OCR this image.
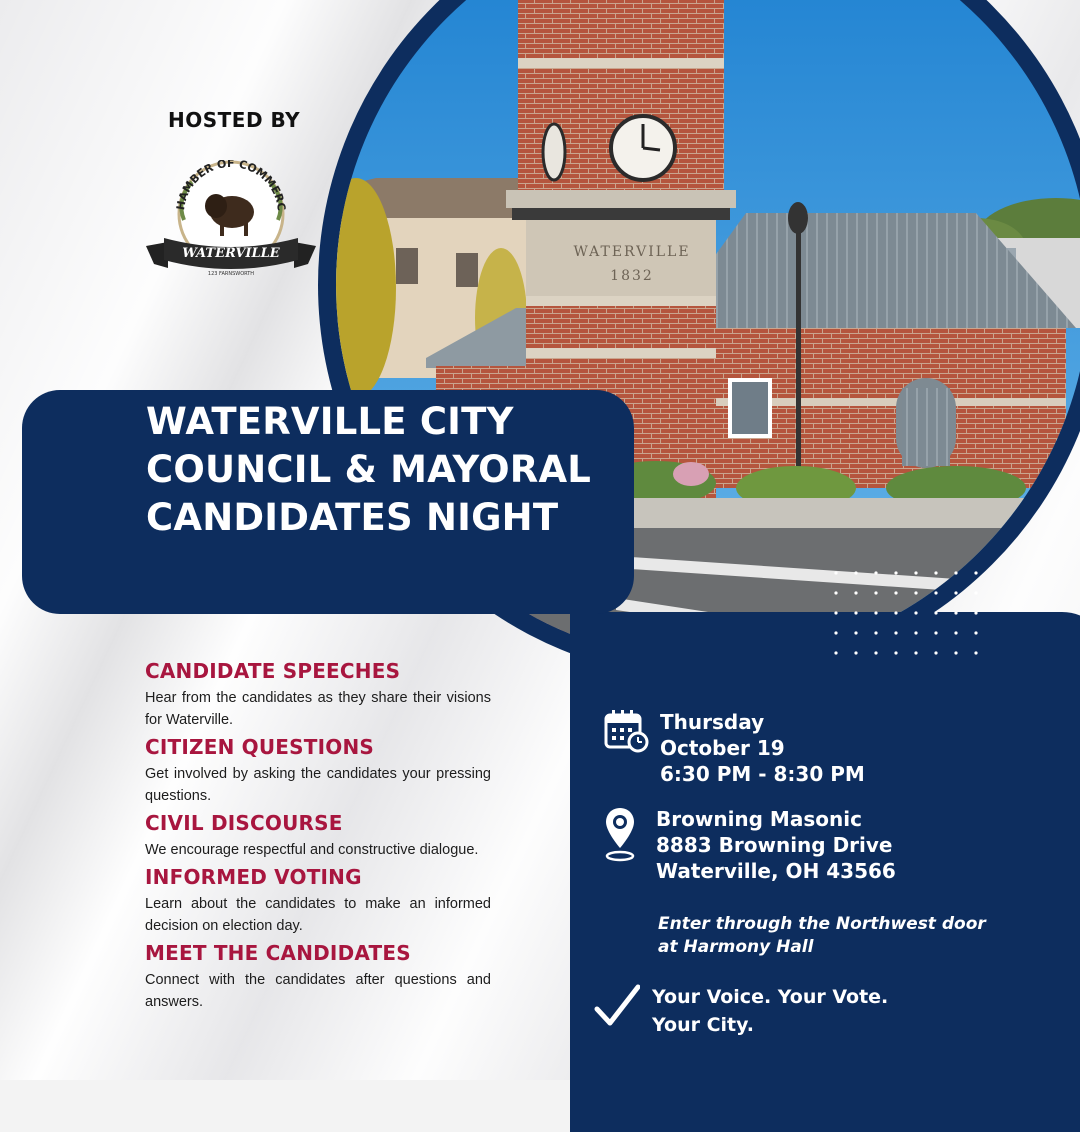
WATERVILLE
1832
HOSTED BY
HAMBER OF COMMERC
WATERVILLE
123 FARNSWORTH
WATERVILLE CITY COUNCIL & MAYORAL CANDIDATES NIGHT
CANDIDATE SPEECHES

Hear from the candidates as they share their visions for Waterville.

CITIZEN QUESTIONS

Get involved by asking the candidates your pressing questions.

CIVIL DISCOURSE

We encourage respectful and constructive dialogue.

INFORMED VOTING

Learn about the candidates to make an informed decision on election day.

MEET THE CANDIDATES

Connect with the candidates after questions and answers.

Thursday
October 19
6:30 PM - 8:30 PM
Browning Masonic
8883 Browning Drive
Waterville, OH 43566
Enter through the Northwest door at Harmony Hall
Your Voice. Your Vote.
Your City.
